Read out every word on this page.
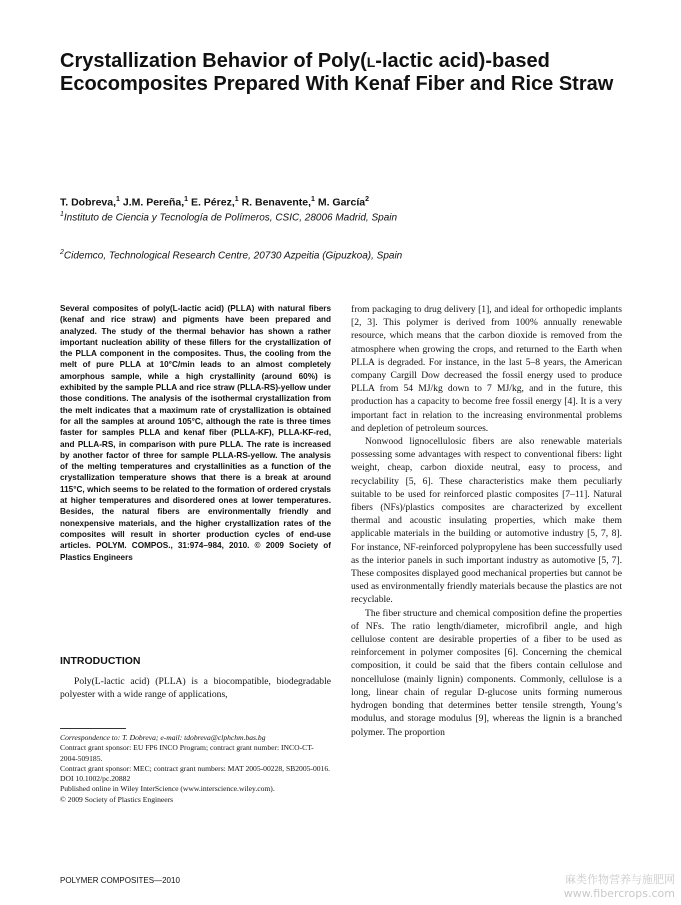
Crystallization Behavior of Poly(l-lactic acid)-based Ecocomposites Prepared With Kenaf Fiber and Rice Straw
T. Dobreva,$^1$ J.M. Pereña,$^1$ E. Pérez,$^1$ R. Benavente,$^1$ M. García$^2$
$^1$Instituto de Ciencia y Tecnología de Polímeros, CSIC, 28006 Madrid, Spain
$^2$Cidemco, Technological Research Centre, 20730 Azpeitia (Gipuzkoa), Spain
Several composites of poly(L-lactic acid) (PLLA) with natural fibers (kenaf and rice straw) and pigments have been prepared and analyzed. The study of the thermal behavior has shown a rather important nucleation ability of these fillers for the crystallization of the PLLA component in the composites. Thus, the cooling from the melt of pure PLLA at 10°C/min leads to an almost completely amorphous sample, while a high crystallinity (around 60%) is exhibited by the sample PLLA and rice straw (PLLA-RS)-yellow under those conditions. The analysis of the isothermal crystallization from the melt indicates that a maximum rate of crystallization is obtained for all the samples at around 105°C, although the rate is three times faster for samples PLLA and kenaf fiber (PLLA-KF), PLLA-KF-red, and PLLA-RS, in comparison with pure PLLA. The rate is increased by another factor of three for sample PLLA-RS-yellow. The analysis of the melting temperatures and crystallinities as a function of the crystallization temperature shows that there is a break at around 115°C, which seems to be related to the formation of ordered crystals at higher temperatures and disordered ones at lower temperatures. Besides, the natural fibers are environmentally friendly and nonexpensive materials, and the higher crystallization rates of the composites will result in shorter production cycles of end-use articles. POLYM. COMPOS., 31:974–984, 2010. © 2009 Society of Plastics Engineers
INTRODUCTION

Poly(L-lactic acid) (PLLA) is a biocompatible, biodegradable polyester with a wide range of applications,

Correspondence to: T. Dobreva; e-mail: tdobreva@clphchm.bas.bg
Contract grant sponsor: EU FP6 INCO Program; contract grant number: INCO-CT-2004-509185.
Contract grant sponsor: MEC; contract grant numbers: MAT 2005-00228, SB2005-0016.
DOI 10.1002/pc.20882
Published online in Wiley InterScience (www.interscience.wiley.com).
© 2009 Society of Plastics Engineers

from packaging to drug delivery [1], and ideal for orthopedic implants [2, 3]. This polymer is derived from 100% annually renewable resource, which means that the carbon dioxide is removed from the atmosphere when growing the crops, and returned to the Earth when PLLA is degraded. For instance, in the last 5–8 years, the American company Cargill Dow decreased the fossil energy used to produce PLLA from 54 MJ/kg down to 7 MJ/kg, and in the future, this production has a capacity to become free fossil energy [4]. It is a very important fact in relation to the increasing environmental problems and depletion of petroleum sources.

Nonwood lignocellulosic fibers are also renewable materials possessing some advantages with respect to conventional fibers: light weight, cheap, carbon dioxide neutral, easy to process, and recyclability [5, 6]. These characteristics make them peculiarly suitable to be used for reinforced plastic composites [7–11]. Natural fibers (NFs)/plastics composites are characterized by excellent thermal and acoustic insulating properties, which make them applicable materials in the building or automotive industry [5, 7, 8]. For instance, NF-reinforced polypropylene has been successfully used as the interior panels in such important industry as automotive [5, 7]. These composites displayed good mechanical properties but cannot be used as environmentally friendly materials because the plastics are not recyclable.

The fiber structure and chemical composition define the properties of NFs. The ratio length/diameter, microfibril angle, and high cellulose content are desirable properties of a fiber to be used as reinforcement in polymer composites [6]. Concerning the chemical composition, it could be said that the fibers contain cellulose and noncellulose (mainly lignin) components. Commonly, cellulose is a long, linear chain of regular D-glucose units forming numerous hydrogen bonding that determines better tensile strength, Young’s modulus, and storage modulus [9], whereas the lignin is a branched polymer. The proportion

POLYMER COMPOSITES—2010	麻类作物营养与施肥网
www.fibercrops.com
